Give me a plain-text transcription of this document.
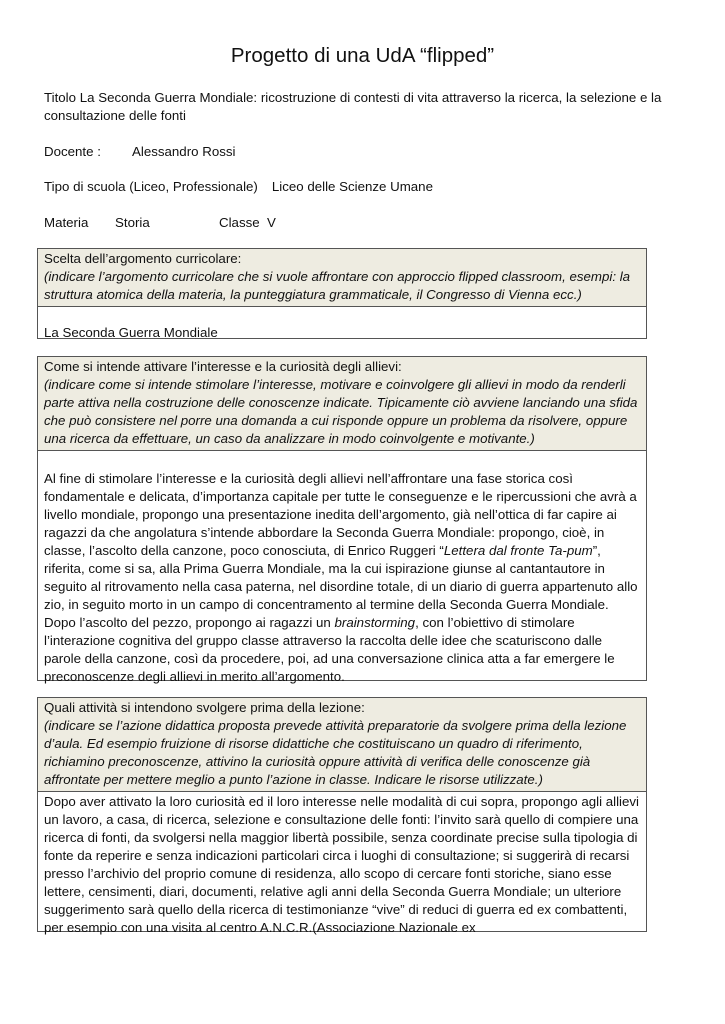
Progetto di una UdA “flipped”
Titolo La Seconda Guerra Mondiale: ricostruzione di contesti di vita attraverso la ricerca, la selezione e la consultazione delle fonti
Docente : Alessandro Rossi
Tipo di scuola (Liceo, Professionale) Liceo delle Scienze Umane
Materia Storia	Classe V
Scelta dell’argomento curricolare:
(indicare l’argomento curricolare che si vuole affrontare con approccio flipped classroom, esempi: la struttura atomica della materia, la punteggiatura grammaticale, il Congresso di Vienna ecc.)
La Seconda Guerra Mondiale
Come si intende attivare l’interesse e la curiosità degli allievi:
(indicare come si intende stimolare l’interesse, motivare e coinvolgere gli allievi in modo da renderli parte attiva nella costruzione delle conoscenze indicate. Tipicamente ciò avviene lanciando una sfida che può consistere nel porre una domanda a cui risponde oppure un problema da risolvere, oppure una ricerca da effettuare, un caso da analizzare in modo coinvolgente e motivante.)
Al fine di stimolare l’interesse e la curiosità degli allievi nell’affrontare una fase storica così fondamentale e delicata, d’importanza capitale per tutte le conseguenze e le ripercussioni che avrà a livello mondiale, propongo una presentazione inedita dell’argomento, già nell’ottica di far capire ai ragazzi da che angolatura s’intende abbordare la Seconda Guerra Mondiale: propongo, cioè, in classe, l’ascolto della canzone, poco conosciuta, di Enrico Ruggeri “Lettera dal fronte Ta-pum”, riferita, come si sa, alla Prima Guerra Mondiale, ma la cui ispirazione giunse al cantantautore in seguito al ritrovamento nella casa paterna, nel disordine totale, di un diario di guerra appartenuto allo zio, in seguito morto in un campo di concentramento al termine della Seconda Guerra Mondiale. Dopo l’ascolto del pezzo, propongo ai ragazzi un brainstorming, con l’obiettivo di stimolare l’interazione cognitiva del gruppo classe attraverso la raccolta delle idee che scaturiscono dalle parole della canzone, così da procedere, poi, ad una conversazione clinica atta a far emergere le preconoscenze degli allievi in merito all’argomento.
Quali attività si intendono svolgere prima della lezione:
(indicare se l’azione didattica proposta prevede attività preparatorie da svolgere prima della lezione d’aula. Ed esempio fruizione di risorse didattiche che costituiscano un quadro di riferimento, richiamino preconoscenze, attivino la curiosità oppure attività di verifica delle conoscenze già affrontate per mettere meglio a punto l’azione in classe. Indicare le risorse utilizzate.)
Dopo aver attivato la loro curiosità ed il loro interesse nelle modalità di cui sopra, propongo agli allievi un lavoro, a casa, di ricerca, selezione e consultazione delle fonti: l’invito sarà quello di compiere una ricerca di fonti, da svolgersi nella maggior libertà possibile, senza coordinate precise sulla tipologia di fonte da reperire e senza indicazioni particolari circa i luoghi di consultazione; si suggerirà di recarsi presso l’archivio del proprio comune di residenza, allo scopo di cercare fonti storiche, siano esse lettere, censimenti, diari, documenti, relative agli anni della Seconda Guerra Mondiale; un ulteriore suggerimento sarà quello della ricerca di testimonianze “vive” di reduci di guerra ed ex combattenti, per esempio con una visita al centro A.N.C.R.(Associazione Nazionale ex
